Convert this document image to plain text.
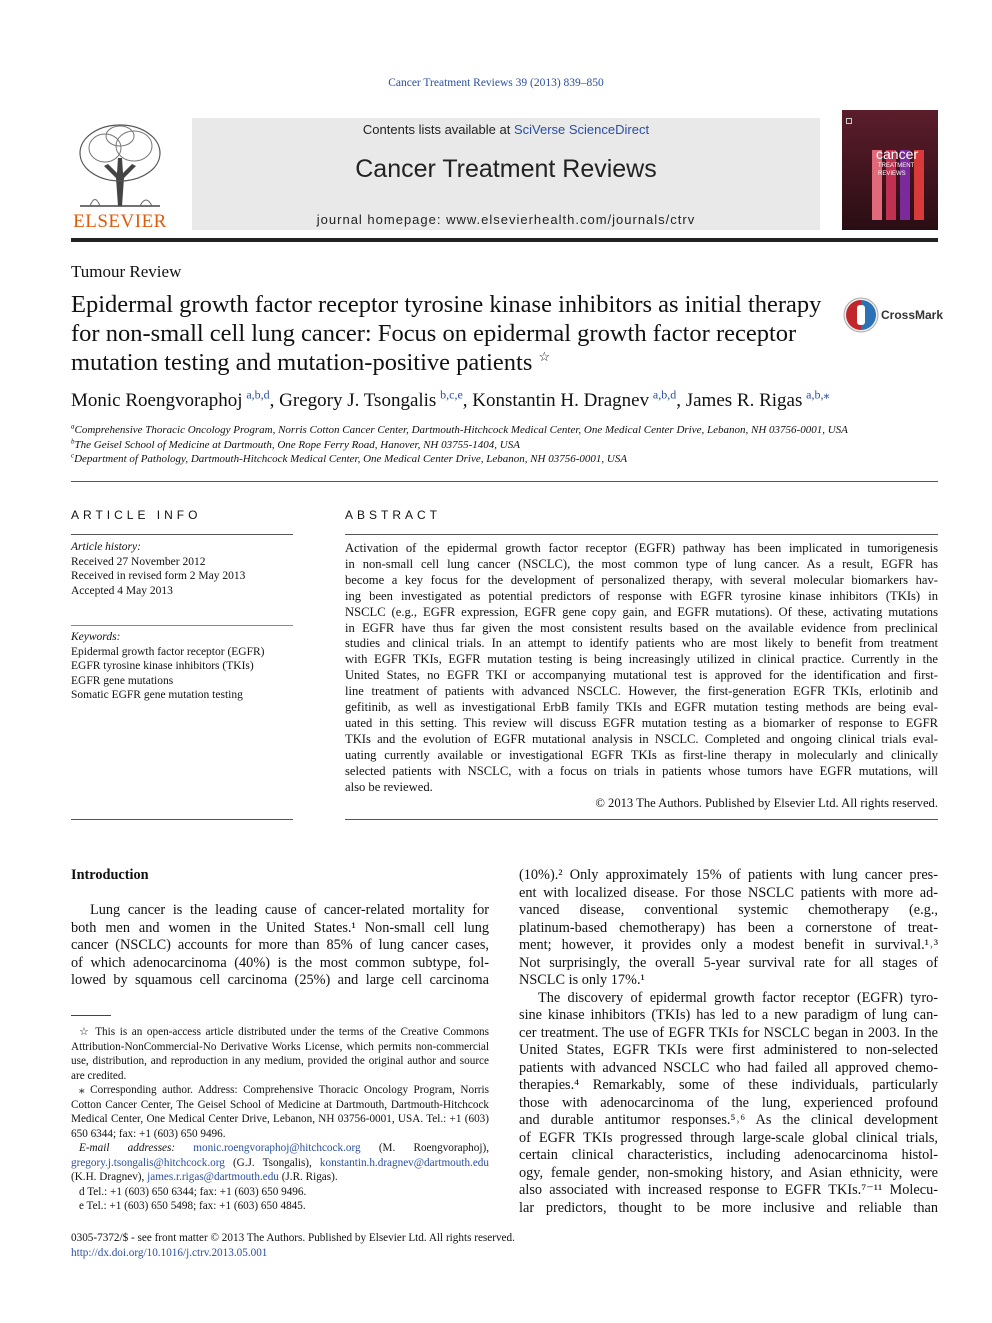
Cancer Treatment Reviews 39 (2013) 839–850
ELSEVIER
Contents lists available at SciVerse ScienceDirect
Cancer Treatment Reviews
journal homepage: www.elsevierhealth.com/journals/ctrv
cancer
TREATMENT
REVIEWS
Tumour Review
Epidermal growth factor receptor tyrosine kinase inhibitors as initial therapy for non-small cell lung cancer: Focus on epidermal growth factor receptor mutation testing and mutation-positive patients ☆
CrossMark
Monic Roengvoraphoj  $^{a,b,d}$, Gregory J. Tsongalis  $^{b,c,e}$, Konstantin H. Dragnev  $^{a,b,d}$, James R. Rigas  $^{a,b,⁎}$
$^a$Comprehensive Thoracic Oncology Program, Norris Cotton Cancer Center, Dartmouth-Hitchcock Medical Center, One Medical Center Drive, Lebanon, NH 03756-0001, USA
$^b$The Geisel School of Medicine at Dartmouth, One Rope Ferry Road, Hanover, NH 03755-1404, USA
$^c$Department of Pathology, Dartmouth-Hitchcock Medical Center, One Medical Center Drive, Lebanon, NH 03756-0001, USA
ARTICLE INFO
Article history:
Received 27 November 2012
Received in revised form 2 May 2013
Accepted 4 May 2013
Keywords:
Epidermal growth factor receptor (EGFR)
EGFR tyrosine kinase inhibitors (TKIs)
EGFR gene mutations
Somatic EGFR gene mutation testing
ABSTRACT
Activation of the epidermal growth factor receptor (EGFR) pathway has been implicated in tumorigenesis
in non-small cell lung cancer (NSCLC), the most common type of lung cancer. As a result, EGFR has
become a key focus for the development of personalized therapy, with several molecular biomarkers hav-
ing been investigated as potential predictors of response with EGFR tyrosine kinase inhibitors (TKIs) in
NSCLC (e.g., EGFR expression, EGFR gene copy gain, and EGFR mutations). Of these, activating mutations
in EGFR have thus far given the most consistent results based on the available evidence from preclinical
studies and clinical trials. In an attempt to identify patients who are most likely to benefit from treatment
with EGFR TKIs, EGFR mutation testing is being increasingly utilized in clinical practice. Currently in the
United States, no EGFR TKI or accompanying mutational test is approved for the identification and first-
line treatment of patients with advanced NSCLC. However, the first-generation EGFR TKIs, erlotinib and
gefitinib, as well as investigational ErbB family TKIs and EGFR mutation testing methods are being eval-
uated in this setting. This review will discuss EGFR mutation testing as a biomarker of response to EGFR
TKIs and the evolution of EGFR mutational analysis in NSCLC. Completed and ongoing clinical trials eval-
uating currently available or investigational EGFR TKIs as first-line therapy in molecularly and clinically
selected patients with NSCLC, with a focus on trials in patients whose tumors have EGFR mutations, will
also be reviewed.
© 2013 The Authors. Published by Elsevier Ltd. All rights reserved.
Introduction
Lung cancer is the leading cause of cancer-related mortality for
both men and women in the United States.¹ Non-small cell lung
cancer (NSCLC) accounts for more than 85% of lung cancer cases,
of which adenocarcinoma (40%) is the most common subtype, fol-
lowed by squamous cell carcinoma (25%) and large cell carcinoma
☆ This is an open-access article distributed under the terms of the Creative Commons Attribution-NonCommercial-No Derivative Works License, which permits non-commercial use, distribution, and reproduction in any medium, provided the original author and source are credited.
⁎ Corresponding author. Address: Comprehensive Thoracic Oncology Program, Norris Cotton Cancer Center, The Geisel School of Medicine at Dartmouth, Dartmouth-Hitchcock Medical Center, One Medical Center Drive, Lebanon, NH 03756-0001, USA. Tel.: +1 (603) 650 6344; fax: +1 (603) 650 9496.
E-mail addresses: monic.roengvoraphoj@hitchcock.org (M. Roengvoraphoj), gregory.j.tsongalis@hitchcock.org (G.J. Tsongalis), konstantin.h.dragnev@dartmouth.edu (K.H. Dragnev), james.r.rigas@dartmouth.edu (J.R. Rigas).
d Tel.: +1 (603) 650 6344; fax: +1 (603) 650 9496.
e Tel.: +1 (603) 650 5498; fax: +1 (603) 650 4845.
(10%).² Only approximately 15% of patients with lung cancer pres-
ent with localized disease. For those NSCLC patients with more ad-
vanced disease, conventional systemic chemotherapy (e.g.,
platinum-based chemotherapy) has been a cornerstone of treat-
ment; however, it provides only a modest benefit in survival.¹˒³
Not surprisingly, the overall 5-year survival rate for all stages of
NSCLC is only 17%.¹
The discovery of epidermal growth factor receptor (EGFR) tyro-
sine kinase inhibitors (TKIs) has led to a new paradigm of lung can-
cer treatment. The use of EGFR TKIs for NSCLC began in 2003. In the
United States, EGFR TKIs were first administered to non-selected
patients with advanced NSCLC who had failed all approved chemo-
therapies.⁴ Remarkably, some of these individuals, particularly
those with adenocarcinoma of the lung, experienced profound
and durable antitumor responses.⁵˒⁶ As the clinical development
of EGFR TKIs progressed through large-scale global clinical trials,
certain clinical characteristics, including adenocarcinoma histol-
ogy, female gender, non-smoking history, and Asian ethnicity, were
also associated with increased response to EGFR TKIs.⁷⁻¹¹ Molecu-
lar predictors, thought to be more inclusive and reliable than
0305-7372/$ - see front matter © 2013 The Authors. Published by Elsevier Ltd. All rights reserved.
http://dx.doi.org/10.1016/j.ctrv.2013.05.001
